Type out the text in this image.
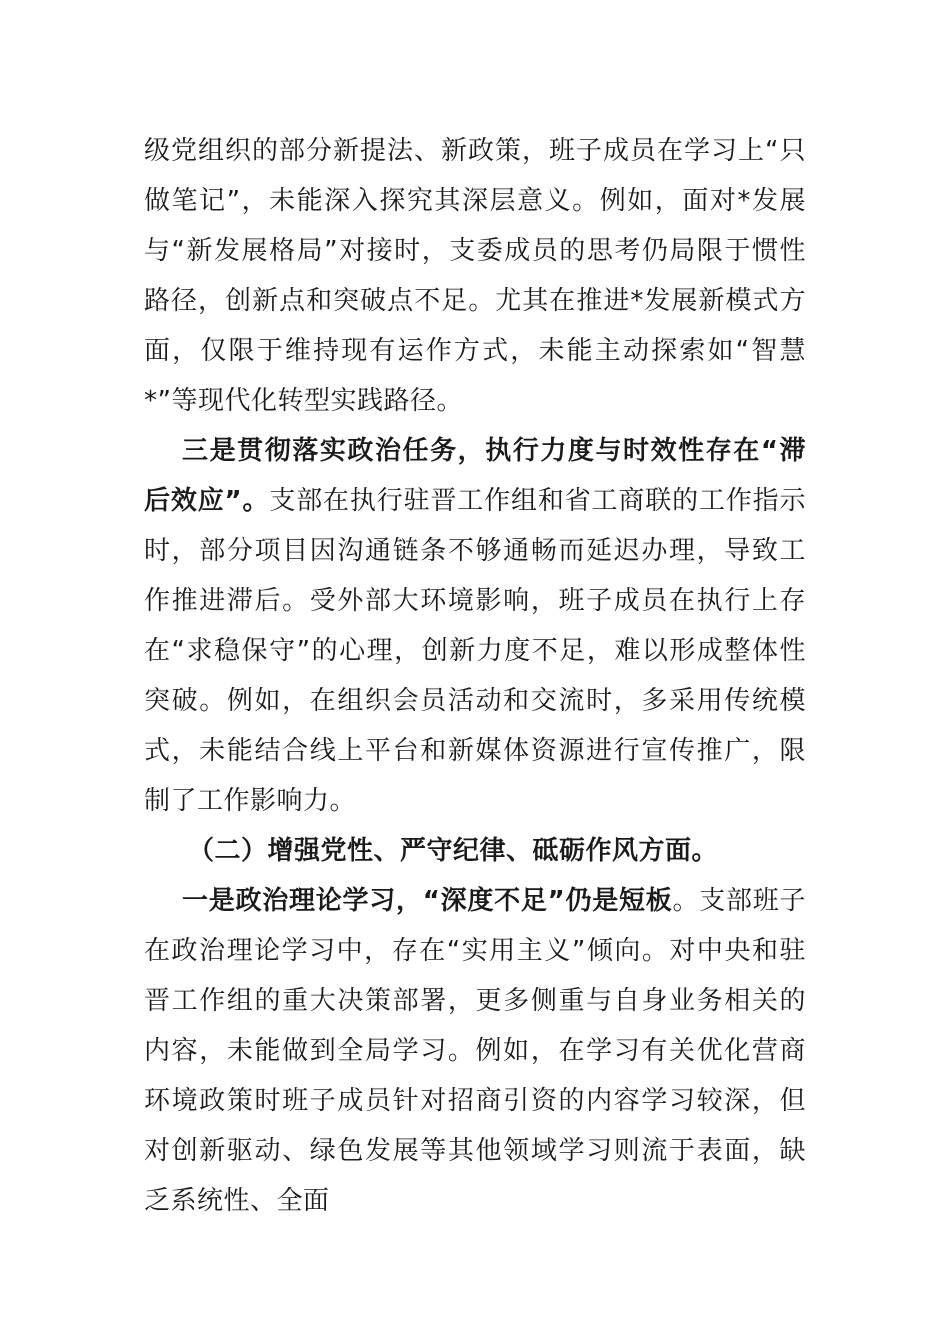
级党组织的部分新提法、新政策，班子成员在学习上“只做笔记”，未能深入探究其深层意义。例如，面对*发展与“新发展格局”对接时，支委成员的思考仍局限于惯性路径，创新点和突破点不足。尤其在推进*发展新模式方面，仅限于维持现有运作方式，未能主动探索如“智慧*”等现代化转型实践路径。

三是贯彻落实政治任务，执行力度与时效性存在“滞后效应”。支部在执行驻晋工作组和省工商联的工作指示时，部分项目因沟通链条不够通畅而延迟办理，导致工作推进滞后。受外部大环境影响，班子成员在执行上存在“求稳保守”的心理，创新力度不足，难以形成整体性突破。例如，在组织会员活动和交流时，多采用传统模式，未能结合线上平台和新媒体资源进行宣传推广，限制了工作影响力。

（二）增强党性、严守纪律、砥砺作风方面。

一是政治理论学习，“深度不足”仍是短板。支部班子在政治理论学习中，存在“实用主义”倾向。对中央和驻晋工作组的重大决策部署，更多侧重与自身业务相关的内容，未能做到全局学习。例如，在学习有关优化营商环境政策时班子成员针对招商引资的内容学习较深，但对创新驱动、绿色发展等其他领域学习则流于表面，缺乏系统性、全面
